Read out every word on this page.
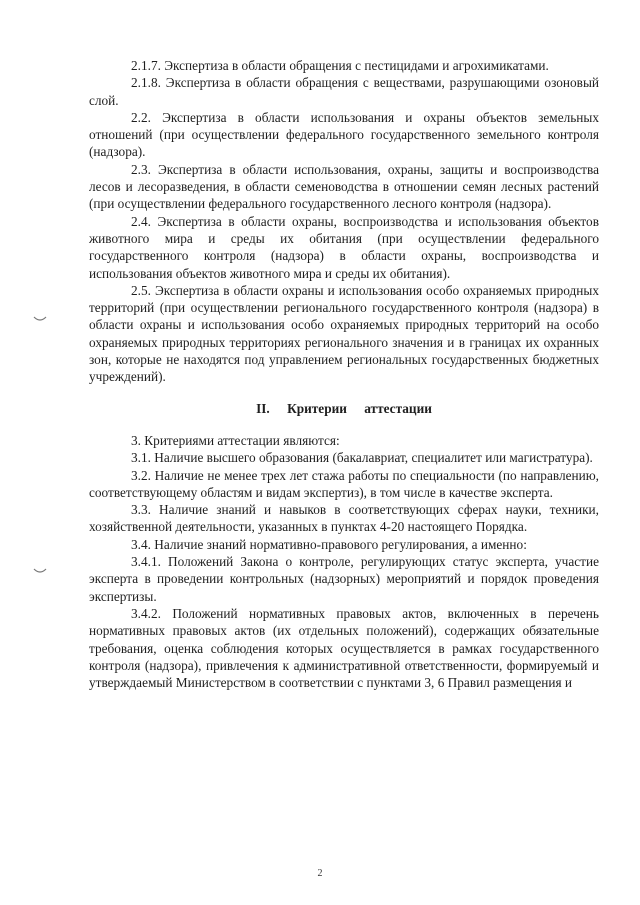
2.1.7. Экспертиза в области обращения с пестицидами и агрохимикатами.

2.1.8. Экспертиза в области обращения с веществами, разрушающими озоновый слой.

2.2. Экспертиза в области использования и охраны объектов земельных отношений (при осуществлении федерального государственного земельного контроля (надзора).

2.3. Экспертиза в области использования, охраны, защиты и воспроизводства лесов и лесоразведения, в области семеноводства в отношении семян лесных растений (при осуществлении федерального государственного лесного контроля (надзора).

2.4. Экспертиза в области охраны, воспроизводства и использования объектов животного мира и среды их обитания (при осуществлении федерального государственного контроля (надзора) в области охраны, воспроизводства и использования объектов животного мира и среды их обитания).

2.5. Экспертиза в области охраны и использования особо охраняемых природных территорий (при осуществлении регионального государственного контроля (надзора) в области охраны и использования особо охраняемых природных территорий на особо охраняемых природных территориях регионального значения и в границах их охранных зон, которые не находятся под управлением региональных государственных бюджетных учреждений).

II. Критерии аттестации

3. Критериями аттестации являются:

3.1. Наличие высшего образования (бакалавриат, специалитет или магистратура).

3.2. Наличие не менее трех лет стажа работы по специальности (по направлению, соответствующему областям и видам экспертиз), в том числе в качестве эксперта.

3.3. Наличие знаний и навыков в соответствующих сферах науки, техники, хозяйственной деятельности, указанных в пунктах 4-20 настоящего Порядка.

3.4. Наличие знаний нормативно-правового регулирования, а именно:

3.4.1. Положений Закона о контроле, регулирующих статус эксперта, участие эксперта в проведении контрольных (надзорных) мероприятий и порядок проведения экспертизы.

3.4.2. Положений нормативных правовых актов, включенных в перечень нормативных правовых актов (их отдельных положений), содержащих обязательные требования, оценка соблюдения которых осуществляется в рамках государственного контроля (надзора), привлечения к административной ответственности, формируемый и утверждаемый Министерством в соответствии с пунктами 3, 6 Правил размещения и

2
